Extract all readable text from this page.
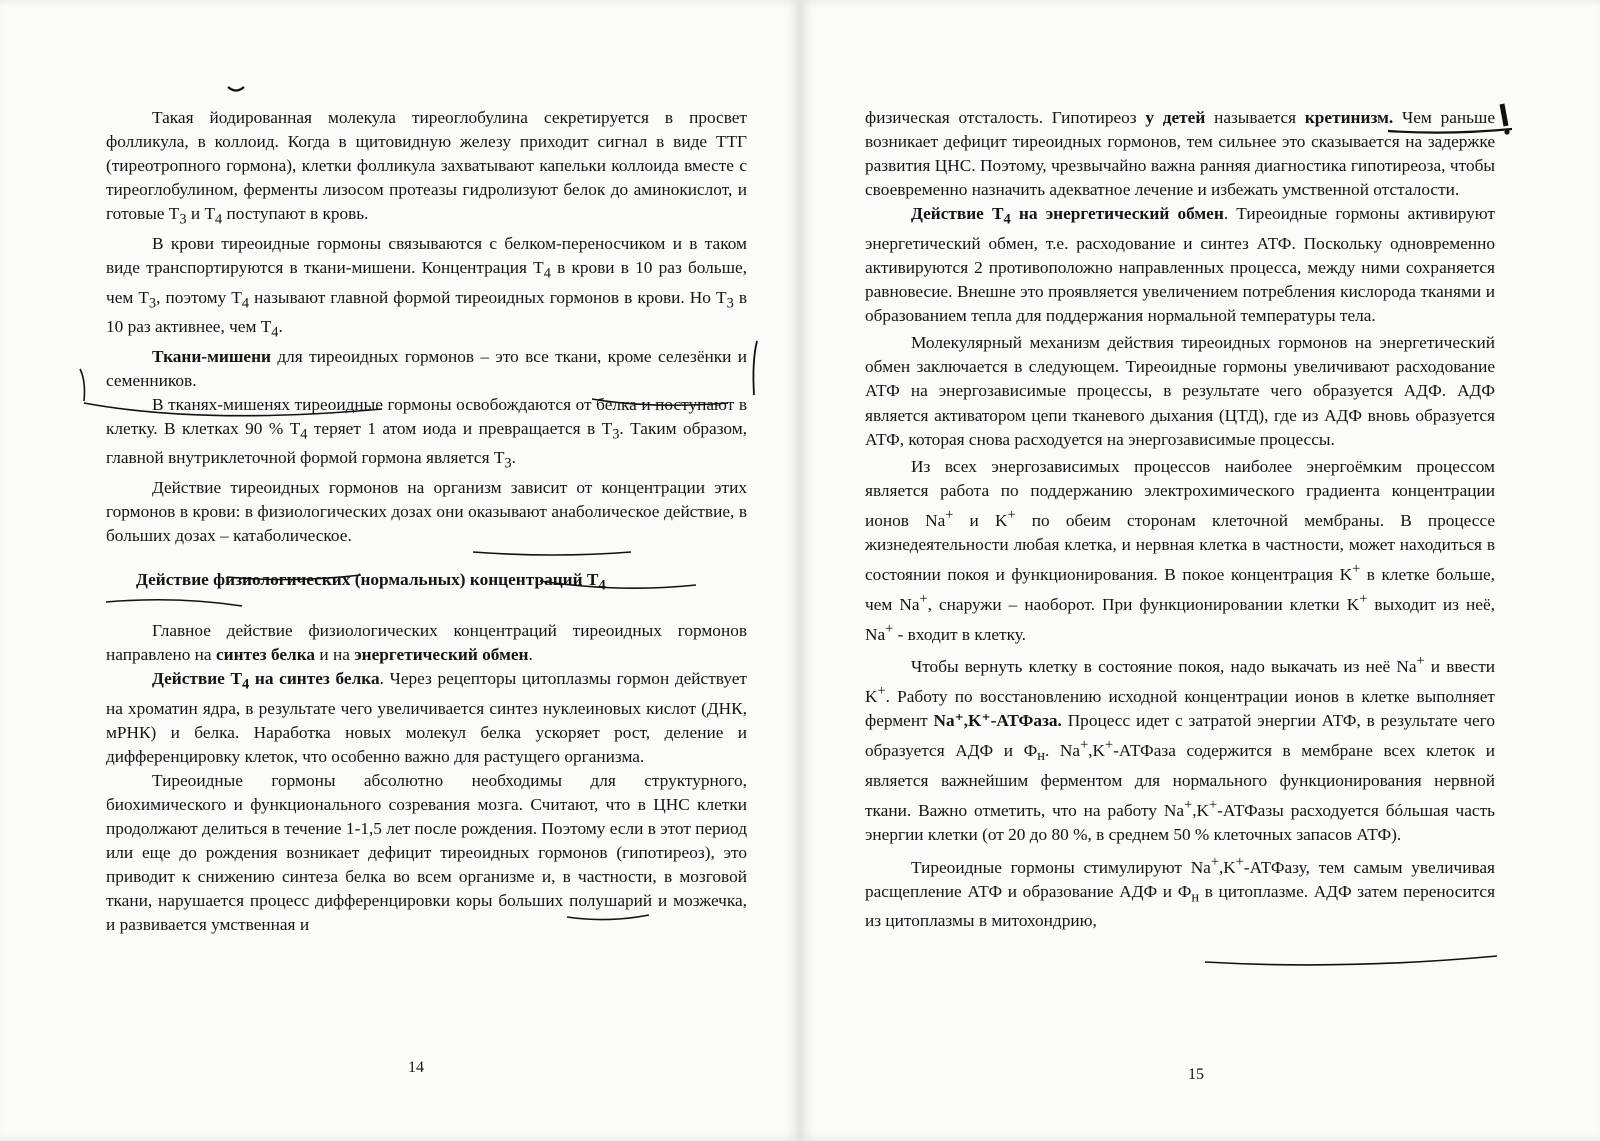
Такая йодированная молекула тиреоглобулина секретируется в просвет фолликула, в коллоид. Когда в щитовидную железу приходит сигнал в виде ТТГ (тиреотропного гормона), клетки фолликула захватывают капельки коллоида вместе с тиреоглобулином, ферменты лизосом протеазы гидролизуют белок до аминокислот, и готовые $T_3$ и $T_4$ поступают в кровь.

В крови тиреоидные гормоны связываются с белком-переносчиком и в таком виде транспортируются в ткани-мишени. Концентрация $T_4$ в крови в 10 раз больше, чем $T_3$, поэтому $T_4$ называют главной формой тиреоидных гормонов в крови. Но $T_3$ в 10 раз активнее, чем $T_4$.

Ткани-мишени для тиреоидных гормонов – это все ткани, кроме селезёнки и семенников.

В тканях-мишенях тиреоидные гормоны освобождаются от белка и поступают в клетку. В клетках 90 % $T_4$ теряет 1 атом иода и превращается в $T_3$. Таким образом, главной внутриклеточной формой гормона является $T_3$.

Действие тиреоидных гормонов на организм зависит от концентрации этих гормонов в крови: в физиологических дозах они оказывают анаболическое действие, в больших дозах – катаболическое.

Действие физиологических (нормальных) концентраций $T_4$

Главное действие физиологических концентраций тиреоидных гормонов направлено на синтез белка и на энергетический обмен.

Действие $T_4$ на синтез белка. Через рецепторы цитоплазмы гормон действует на хроматин ядра, в результате чего увеличивается синтез нуклеиновых кислот (ДНК, мРНК) и белка. Наработка новых молекул белка ускоряет рост, деление и дифференцировку клеток, что особенно важно для растущего организма.

Тиреоидные гормоны абсолютно необходимы для структурного, биохимического и функционального созревания мозга. Считают, что в ЦНС клетки продолжают делиться в течение 1-1,5 лет после рождения. Поэтому если в этот период или еще до рождения возникает дефицит тиреоидных гормонов (гипотиреоз), это приводит к снижению синтеза белка во всем организме и, в частности, в мозговой ткани, нарушается процесс дифференцировки коры больших полушарий и мозжечка, и развивается умственная и

14

физическая отсталость. Гипотиреоз у детей называется кретинизм. Чем раньше возникает дефицит тиреоидных гормонов, тем сильнее это сказывается на задержке развития ЦНС. Поэтому, чрезвычайно важна ранняя диагностика гипотиреоза, чтобы своевременно назначить адекватное лечение и избежать умственной отсталости.

Действие $T_4$ на энергетический обмен. Тиреоидные гормоны активируют энергетический обмен, т.е. расходование и синтез АТФ. Поскольку одновременно активируются 2 противоположно направленных процесса, между ними сохраняется равновесие. Внешне это проявляется увеличением потребления кислорода тканями и образованием тепла для поддержания нормальной температуры тела.

Молекулярный механизм действия тиреоидных гормонов на энергетический обмен заключается в следующем. Тиреоидные гормоны увеличивают расходование АТФ на энергозависимые процессы, в результате чего образуется АДФ. АДФ является активатором цепи тканевого дыхания (ЦТД), где из АДФ вновь образуется АТФ, которая снова расходуется на энергозависимые процессы.

Из всех энергозависимых процессов наиболее энергоёмким процессом является работа по поддержанию электрохимического градиента концентрации ионов Na+ и K+ по обеим сторонам клеточной мембраны. В процессе жизнедеятельности любая клетка, и нервная клетка в частности, может находиться в состоянии покоя и функционирования. В покое концентрация K+ в клетке больше, чем Na+, снаружи – наоборот. При функционировании клетки K+ выходит из неё, Na+ - входит в клетку.

Чтобы вернуть клетку в состояние покоя, надо выкачать из неё Na+ и ввести K+. Работу по восстановлению исходной концентрации ионов в клетке выполняет фермент Na⁺,K⁺-АТФаза. Процесс идет с затратой энергии АТФ, в результате чего образуется АДФ и $Ф_н$. Na+,K+-АТФаза содержится в мембране всех клеток и является важнейшим ферментом для нормального функционирования нервной ткани. Важно отметить, что на работу Na+,K+-АТФазы расходуется бóльшая часть энергии клетки (от 20 до 80 %, в среднем 50 % клеточных запасов АТФ).

Тиреоидные гормоны стимулируют Na+,K+-АТФазу, тем самым увеличивая расщепление АТФ и образование АДФ и $Ф_н$ в цитоплазме. АДФ затем переносится из цитоплазмы в митохондрию,

15
